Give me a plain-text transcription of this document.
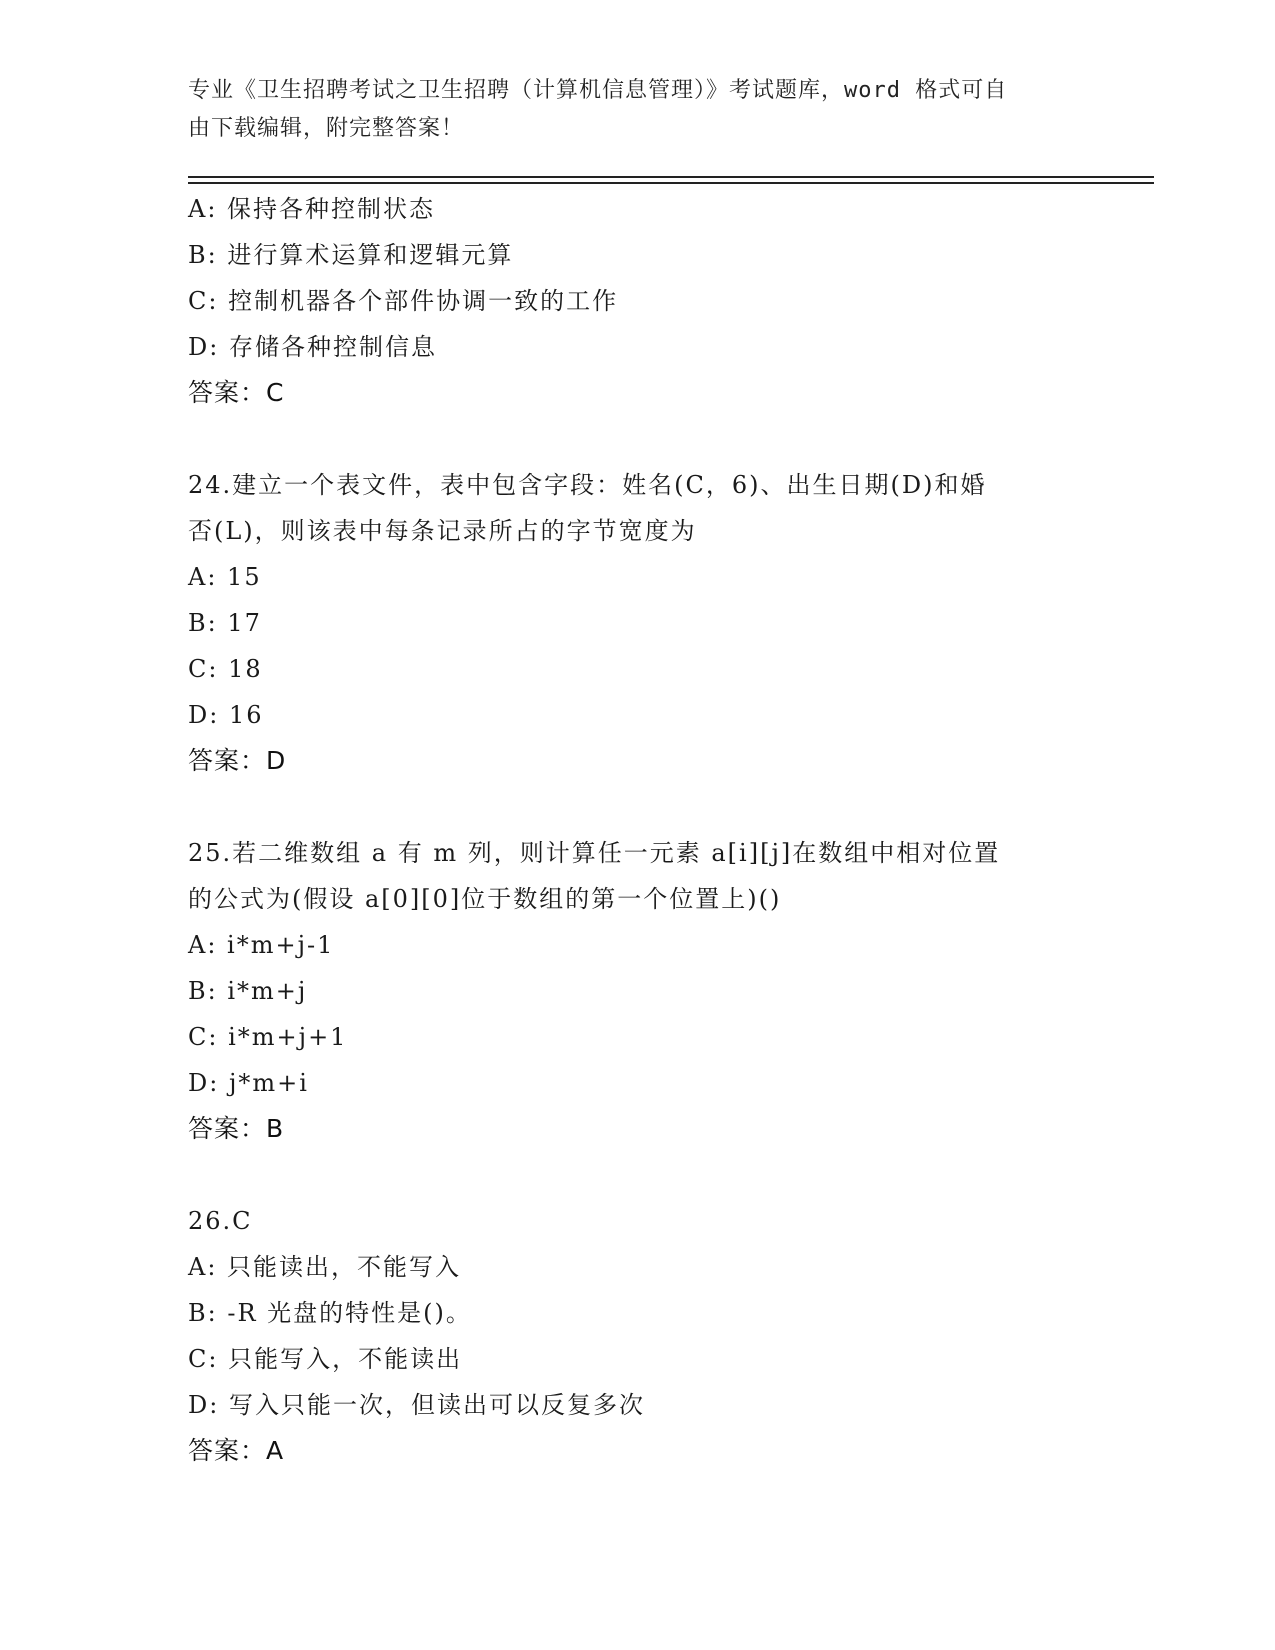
专业《卫生招聘考试之卫生招聘（计算机信息管理）》考试题库，word 格式可自
由下载编辑，附完整答案！
A: 保持各种控制状态
B: 进行算术运算和逻辑元算
C: 控制机器各个部件协调一致的工作
D: 存储各种控制信息
答案：C
24.建立一个表文件，表中包含字段：姓名(C，6)、出生日期(D)和婚
否(L)，则该表中每条记录所占的字节宽度为
A: 15
B: 17
C: 18
D: 16
答案：D
25.若二维数组 a 有 m 列，则计算任一元素 a[i][j]在数组中相对位置
的公式为(假设 a[0][0]位于数组的第一个位置上)()
A: i*m+j-1
B: i*m+j
C: i*m+j+1
D: j*m+i
答案：B
26.C
A: 只能读出，不能写入
B: -R 光盘的特性是()。
C: 只能写入，不能读出
D: 写入只能一次，但读出可以反复多次
答案：A
